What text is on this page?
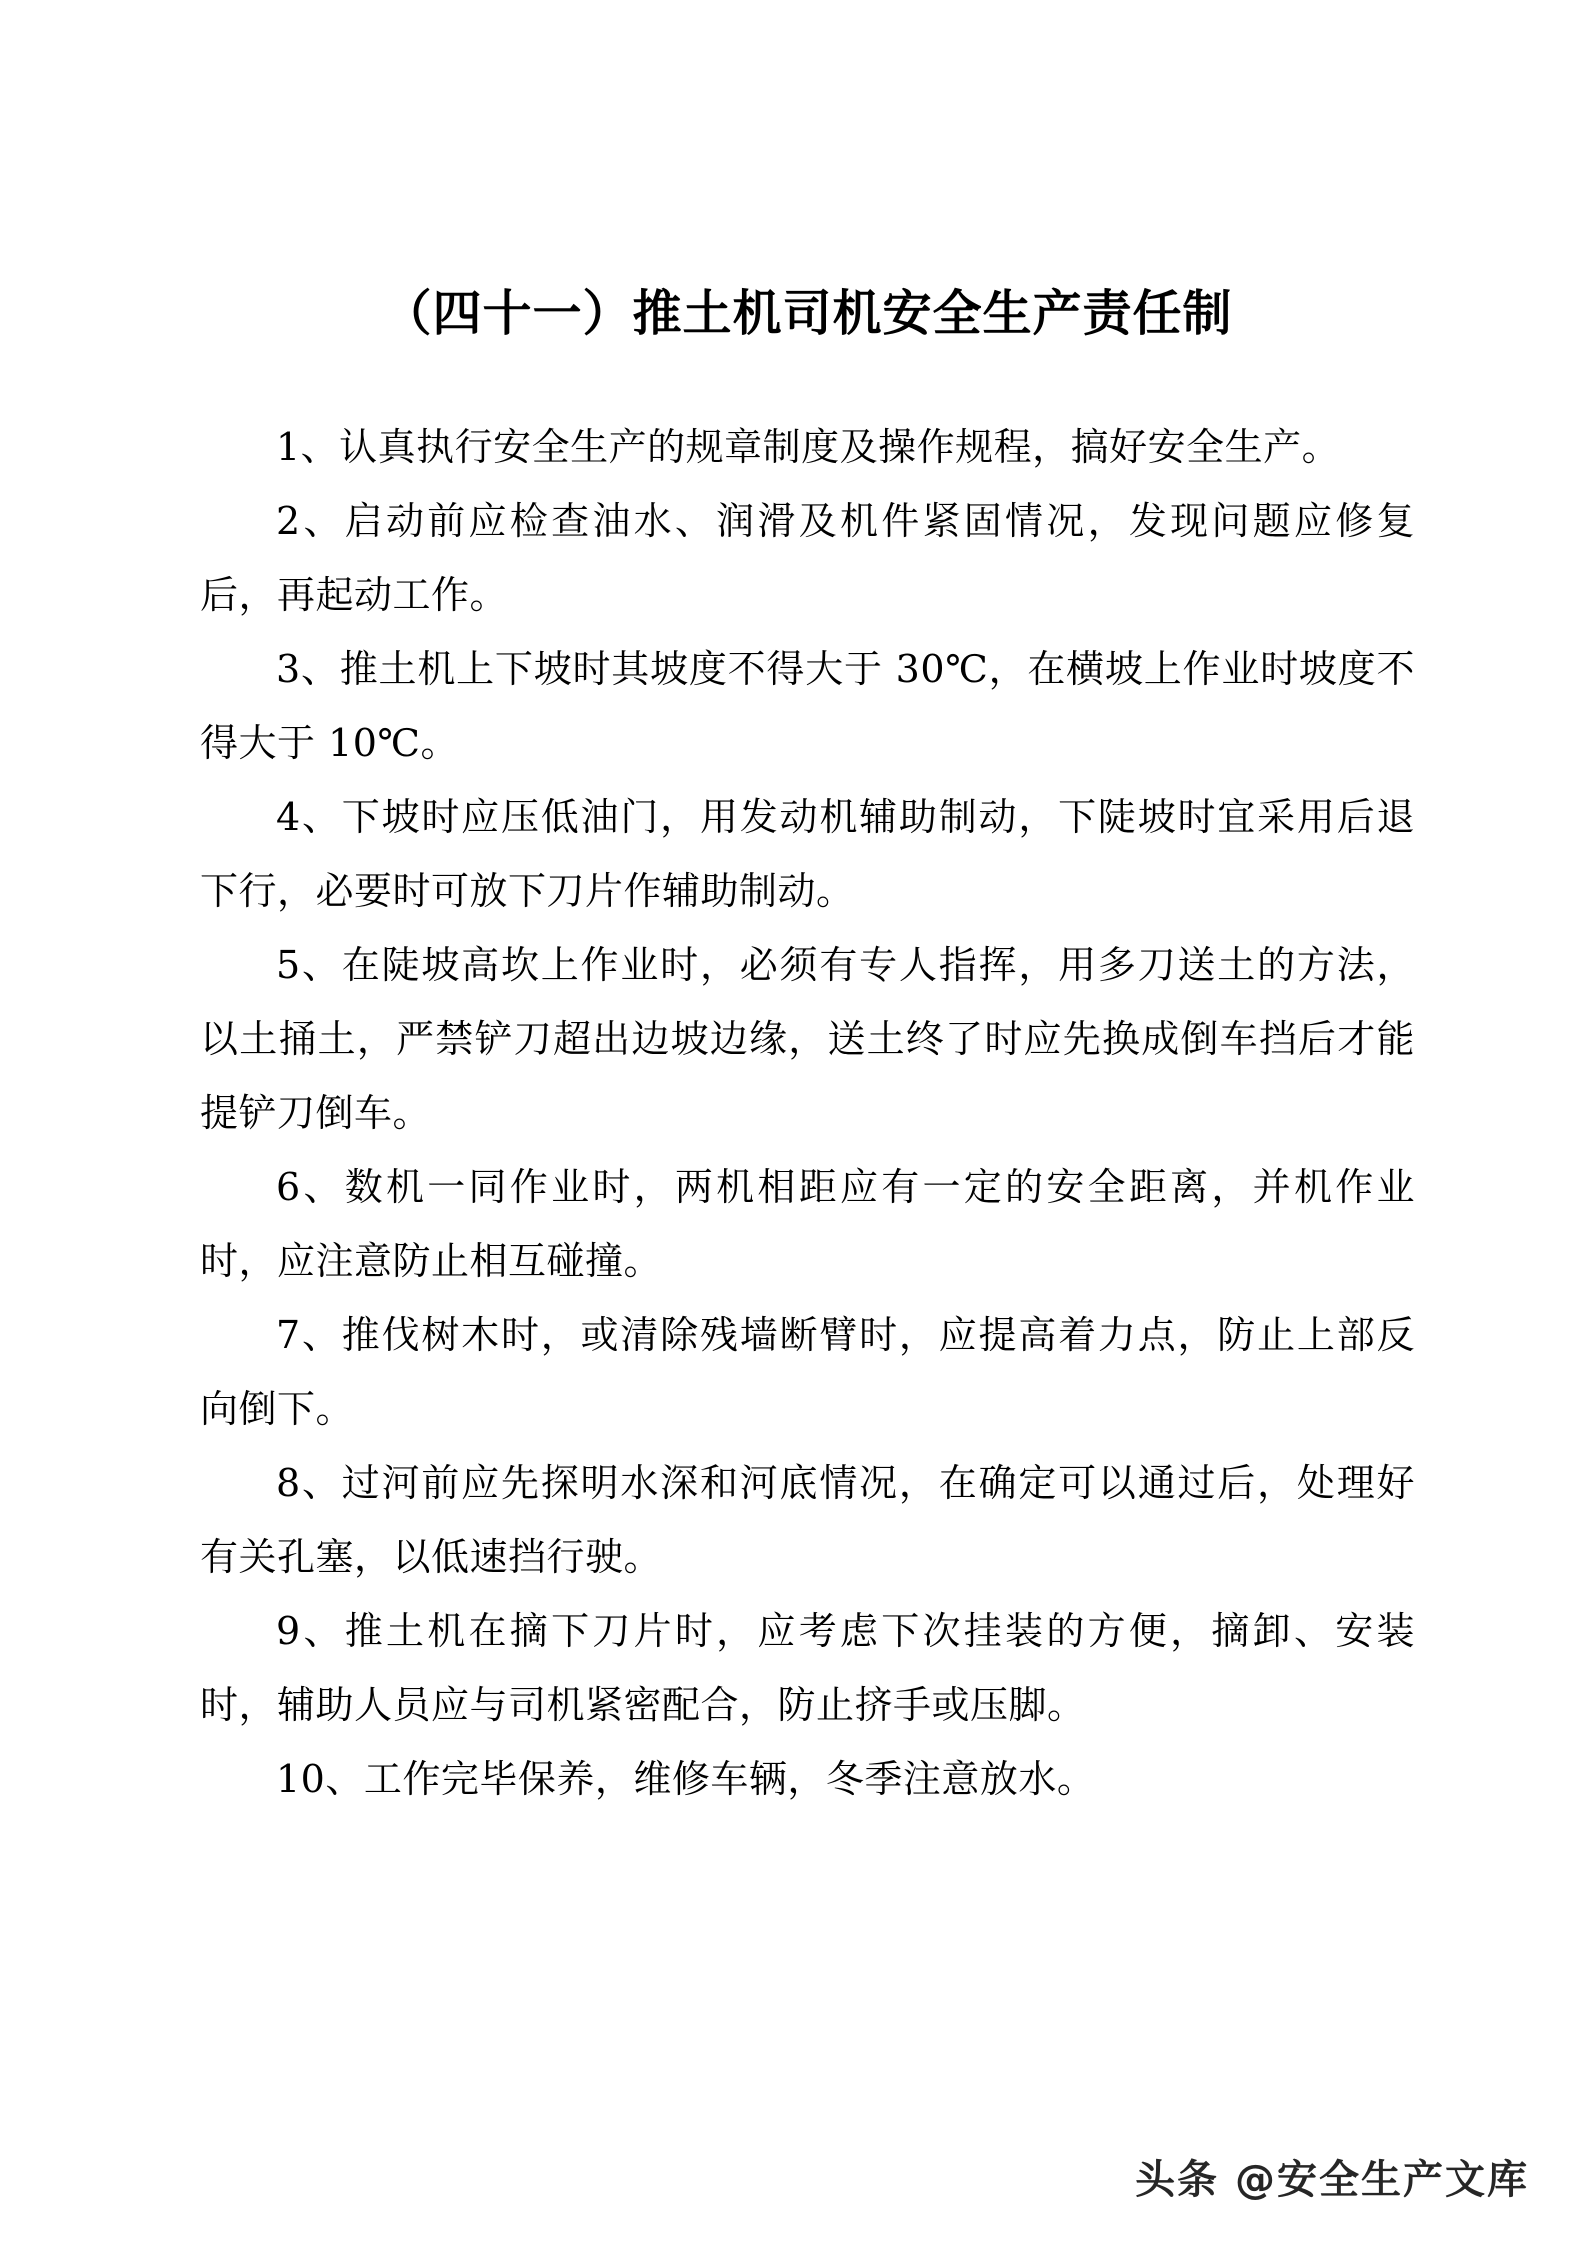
（四十一）推土机司机安全生产责任制

1、认真执行安全生产的规章制度及操作规程，搞好安全生产。

2、启动前应检查油水、润滑及机件紧固情况，发现问题应修复后，再起动工作。

3、推土机上下坡时其坡度不得大于 30℃，在横坡上作业时坡度不得大于 10℃。

4、下坡时应压低油门，用发动机辅助制动，下陡坡时宜采用后退下行，必要时可放下刀片作辅助制动。

5、在陡坡高坎上作业时，必须有专人指挥，用多刀送土的方法，以土捅土，严禁铲刀超出边坡边缘，送土终了时应先换成倒车挡后才能提铲刀倒车。

6、数机一同作业时，两机相距应有一定的安全距离，并机作业时，应注意防止相互碰撞。

7、推伐树木时，或清除残墙断臂时，应提高着力点，防止上部反向倒下。

8、过河前应先探明水深和河底情况，在确定可以通过后，处理好有关孔塞，以低速挡行驶。

9、推土机在摘下刀片时，应考虑下次挂装的方便，摘卸、安装时，辅助人员应与司机紧密配合，防止挤手或压脚。

10、工作完毕保养，维修车辆，冬季注意放水。

头条 @安全生产文库
